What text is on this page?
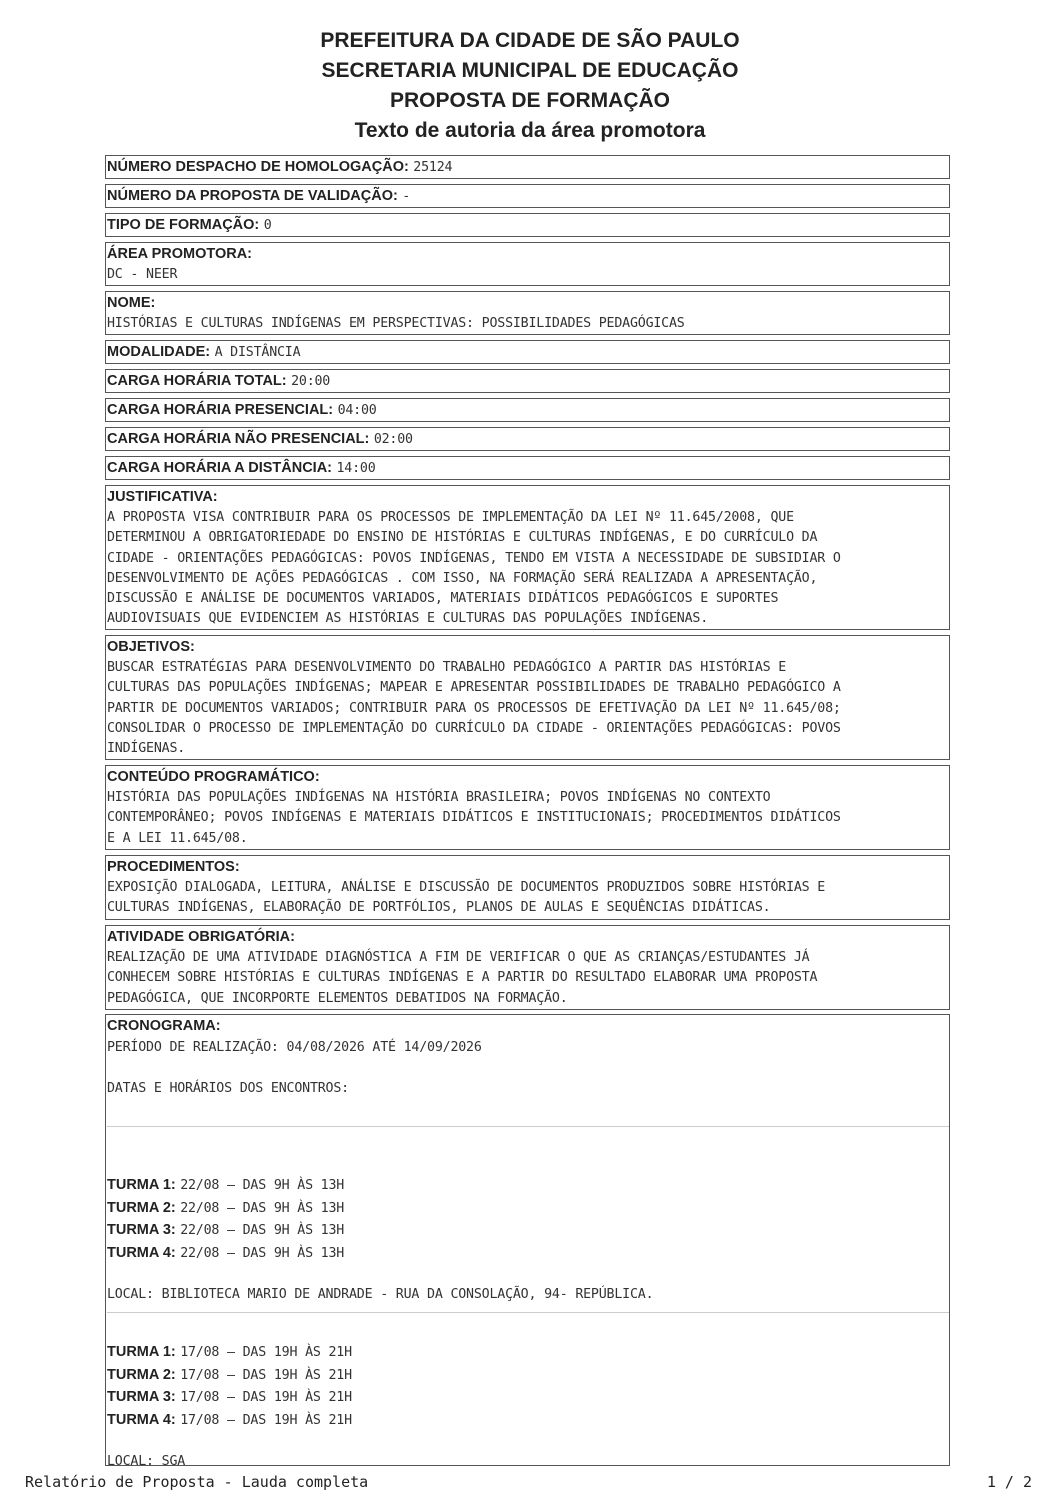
PREFEITURA DA CIDADE DE SÃO PAULO
SECRETARIA MUNICIPAL DE EDUCAÇÃO
PROPOSTA DE FORMAÇÃO
Texto de autoria da área promotora
NÚMERO DESPACHO DE HOMOLOGAÇÃO: 25124
NÚMERO DA PROPOSTA DE VALIDAÇÃO: -
TIPO DE FORMAÇÃO: 0
ÁREA PROMOTORA:
DC - NEER
NOME:
HISTÓRIAS E CULTURAS INDÍGENAS EM PERSPECTIVAS: POSSIBILIDADES PEDAGÓGICAS
MODALIDADE: A DISTÂNCIA
CARGA HORÁRIA TOTAL: 20:00
CARGA HORÁRIA PRESENCIAL: 04:00
CARGA HORÁRIA NÃO PRESENCIAL: 02:00
CARGA HORÁRIA A DISTÂNCIA: 14:00
JUSTIFICATIVA:
A PROPOSTA VISA CONTRIBUIR PARA OS PROCESSOS DE IMPLEMENTAÇÃO DA LEI Nº 11.645/2008, QUE
DETERMINOU A OBRIGATORIEDADE DO ENSINO DE HISTÓRIAS E CULTURAS INDÍGENAS, E DO CURRÍCULO DA
CIDADE - ORIENTAÇÕES PEDAGÓGICAS: POVOS INDÍGENAS, TENDO EM VISTA A NECESSIDADE DE SUBSIDIAR O
DESENVOLVIMENTO DE AÇÕES PEDAGÓGICAS . COM ISSO, NA FORMAÇÃO SERÁ REALIZADA A APRESENTAÇÃO,
DISCUSSÃO E ANÁLISE DE DOCUMENTOS VARIADOS, MATERIAIS DIDÁTICOS PEDAGÓGICOS E SUPORTES
AUDIOVISUAIS QUE EVIDENCIEM AS HISTÓRIAS E CULTURAS DAS POPULAÇÕES INDÍGENAS.
OBJETIVOS:
BUSCAR ESTRATÉGIAS PARA DESENVOLVIMENTO DO TRABALHO PEDAGÓGICO A PARTIR DAS HISTÓRIAS E
CULTURAS DAS POPULAÇÕES INDÍGENAS; MAPEAR E APRESENTAR POSSIBILIDADES DE TRABALHO PEDAGÓGICO A
PARTIR DE DOCUMENTOS VARIADOS; CONTRIBUIR PARA OS PROCESSOS DE EFETIVAÇÃO DA LEI Nº 11.645/08;
CONSOLIDAR O PROCESSO DE IMPLEMENTAÇÃO DO CURRÍCULO DA CIDADE - ORIENTAÇÕES PEDAGÓGICAS: POVOS
INDÍGENAS.
CONTEÚDO PROGRAMÁTICO:
HISTÓRIA DAS POPULAÇÕES INDÍGENAS NA HISTÓRIA BRASILEIRA; POVOS INDÍGENAS NO CONTEXTO
CONTEMPORÂNEO; POVOS INDÍGENAS E MATERIAIS DIDÁTICOS E INSTITUCIONAIS; PROCEDIMENTOS DIDÁTICOS
E A LEI 11.645/08.
PROCEDIMENTOS:
EXPOSIÇÃO DIALOGADA, LEITURA, ANÁLISE E DISCUSSÃO DE DOCUMENTOS PRODUZIDOS SOBRE HISTÓRIAS E
CULTURAS INDÍGENAS, ELABORAÇÃO DE PORTFÓLIOS, PLANOS DE AULAS E SEQUÊNCIAS DIDÁTICAS.
ATIVIDADE OBRIGATÓRIA:
REALIZAÇÃO DE UMA ATIVIDADE DIAGNÓSTICA A FIM DE VERIFICAR O QUE AS CRIANÇAS/ESTUDANTES JÁ
CONHECEM SOBRE HISTÓRIAS E CULTURAS INDÍGENAS E A PARTIR DO RESULTADO ELABORAR UMA PROPOSTA
PEDAGÓGICA, QUE INCORPORTE ELEMENTOS DEBATIDOS NA FORMAÇÃO.
CRONOGRAMA:
PERÍODO DE REALIZAÇÃO: 04/08/2026 ATÉ 14/09/2026
DATAS E HORÁRIOS DOS ENCONTROS:
TURMA 1: 22/08 – DAS 9H ÀS 13H
TURMA 2: 22/08 – DAS 9H ÀS 13H
TURMA 3: 22/08 – DAS 9H ÀS 13H
TURMA 4: 22/08 – DAS 9H ÀS 13H
LOCAL: BIBLIOTECA MARIO DE ANDRADE - RUA DA CONSOLAÇÃO, 94- REPÚBLICA.
TURMA 1: 17/08 – DAS 19H ÀS 21H
TURMA 2: 17/08 – DAS 19H ÀS 21H
TURMA 3: 17/08 – DAS 19H ÀS 21H
TURMA 4: 17/08 – DAS 19H ÀS 21H
LOCAL: SGA
Relatório de Proposta - Lauda completa	1 / 2
